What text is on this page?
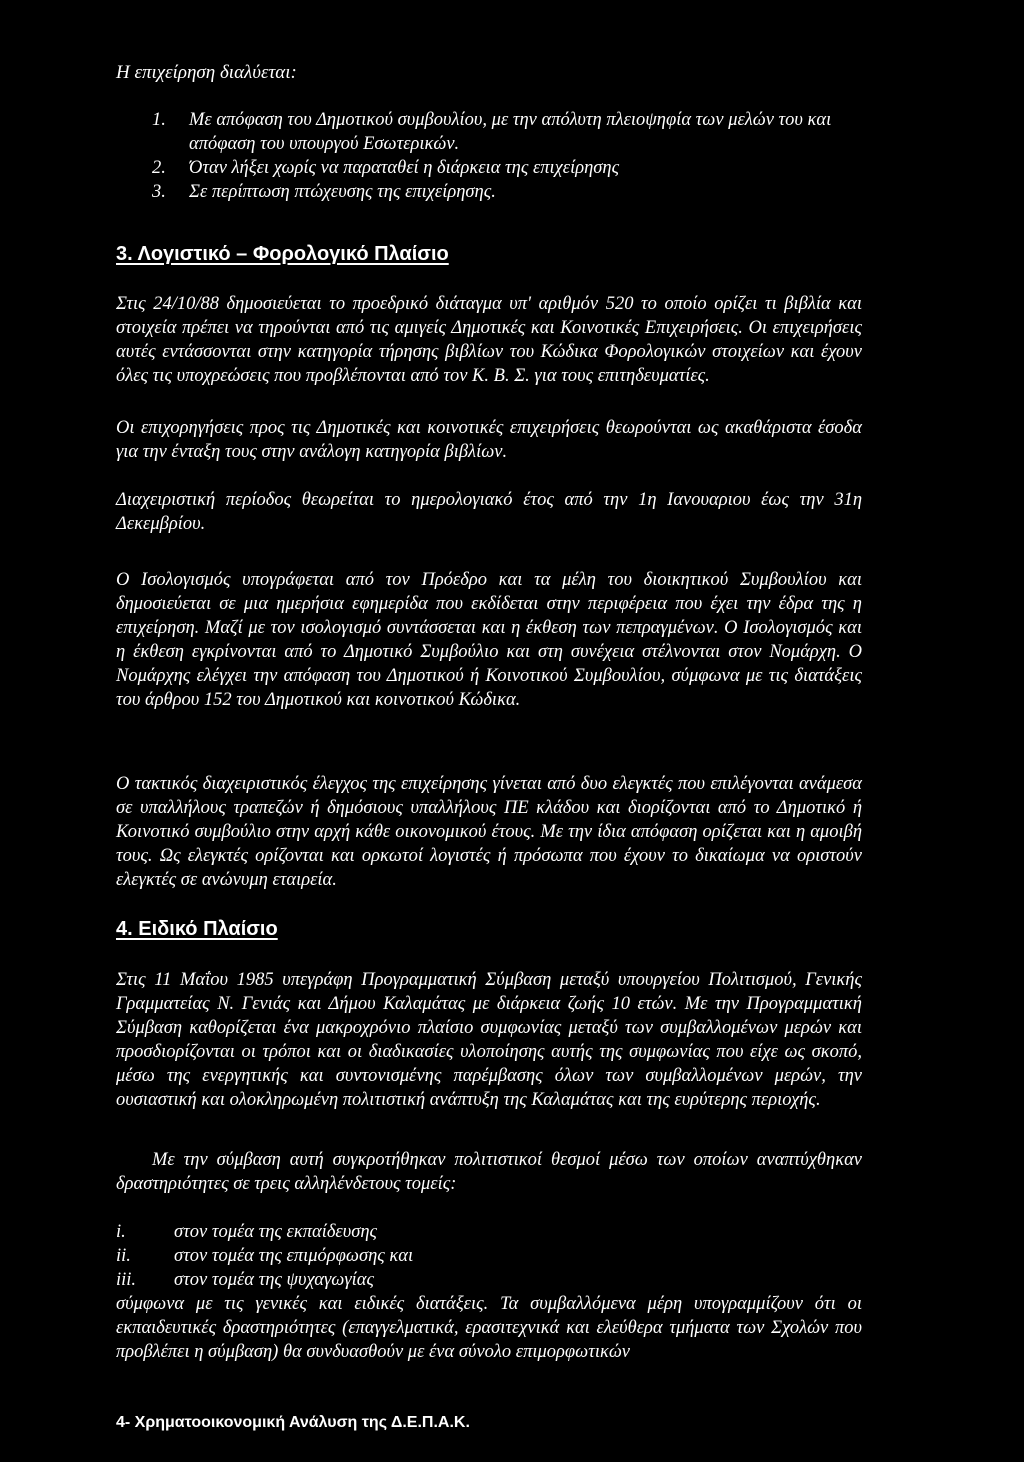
Η επιχείρηση διαλύεται:
1. Με απόφαση του Δημοτικού συμβουλίου, με την απόλυτη πλειοψηφία των μελών του και απόφαση του υπουργού Εσωτερικών.
2. Όταν λήξει χωρίς να παραταθεί η διάρκεια της επιχείρησης
3. Σε περίπτωση πτώχευσης της επιχείρησης.
3. Λογιστικό – Φορολογικό Πλαίσιο
Στις 24/10/88 δημοσιεύεται το προεδρικό διάταγμα υπ' αριθμόν 520 το οποίο ορίζει τι βιβλία και στοιχεία πρέπει να τηρούνται από τις αμιγείς Δημοτικές και Κοινοτικές Επιχειρήσεις. Οι επιχειρήσεις αυτές εντάσσονται στην κατηγορία τήρησης βιβλίων του Κώδικα Φορολογικών στοιχείων και έχουν όλες τις υποχρεώσεις που προβλέπονται από τον Κ. Β. Σ. για τους επιτηδευματίες.
Οι επιχορηγήσεις προς τις Δημοτικές και κοινοτικές επιχειρήσεις θεωρούνται ως ακαθάριστα έσοδα για την ένταξη τους στην ανάλογη κατηγορία βιβλίων.
Διαχειριστική περίοδος θεωρείται το ημερολογιακό έτος από την 1η Ιανουαριου έως την 31η Δεκεμβρίου.
Ο Ισολογισμός υπογράφεται από τον Πρόεδρο και τα μέλη του διοικητικού Συμβουλίου και δημοσιεύεται σε μια ημερήσια εφημερίδα που εκδίδεται στην περιφέρεια που έχει την έδρα της η επιχείρηση. Μαζί με τον ισολογισμό συντάσσεται και η έκθεση των πεπραγμένων. Ο Ισολογισμός και η έκθεση εγκρίνονται από το Δημοτικό Συμβούλιο και στη συνέχεια στέλνονται στον Νομάρχη. Ο Νομάρχης ελέγχει την απόφαση του Δημοτικού ή Κοινοτικού Συμβουλίου, σύμφωνα με τις διατάξεις του άρθρου 152 του Δημοτικού και κοινοτικού Κώδικα.
Ο τακτικός διαχειριστικός έλεγχος της επιχείρησης γίνεται από δυο ελεγκτές που επιλέγονται ανάμεσα σε υπαλλήλους τραπεζών ή δημόσιους υπαλλήλους ΠΕ κλάδου και διορίζονται από το Δημοτικό ή Κοινοτικό συμβούλιο στην αρχή κάθε οικονομικού έτους. Με την ίδια απόφαση ορίζεται και η αμοιβή τους. Ως ελεγκτές ορίζονται και ορκωτοί λογιστές ή πρόσωπα που έχουν το δικαίωμα να οριστούν ελεγκτές σε ανώνυμη εταιρεία.
4. Ειδικό Πλαίσιο
Στις 11 Μαΐου 1985 υπεγράφη Προγραμματική Σύμβαση μεταξύ υπουργείου Πολιτισμού, Γενικής Γραμματείας Ν. Γενιάς και Δήμου Καλαμάτας με διάρκεια ζωής 10 ετών. Με την Προγραμματική Σύμβαση καθορίζεται ένα μακροχρόνιο πλαίσιο συμφωνίας μεταξύ των συμβαλλομένων μερών και προσδιορίζονται οι τρόποι και οι διαδικασίες υλοποίησης αυτής της συμφωνίας που είχε ως σκοπό, μέσω της ενεργητικής και συντονισμένης παρέμβασης όλων των συμβαλλομένων μερών, την ουσιαστική και ολοκληρωμένη πολιτιστική ανάπτυξη της Καλαμάτας και της ευρύτερης περιοχής.
Με την σύμβαση αυτή συγκροτήθηκαν πολιτιστικοί θεσμοί μέσω των οποίων αναπτύχθηκαν δραστηριότητες σε τρεις αλληλένδετους τομείς:
i.	στον τομέα της εκπαίδευσης
ii. στον τομέα της επιμόρφωσης και
iii. στον τομέα της ψυχαγωγίας
σύμφωνα με τις γενικές και ειδικές διατάξεις. Τα συμβαλλόμενα μέρη υπογραμμίζουν ότι οι εκπαιδευτικές δραστηριότητες (επαγγελματικά, ερασιτεχνικά και ελεύθερα τμήματα των Σχολών που προβλέπει η σύμβαση) θα συνδυασθούν με ένα σύνολο επιμορφωτικών
4- Χρηματοοικονομική Ανάλυση της Δ.Ε.Π.Α.Κ.
